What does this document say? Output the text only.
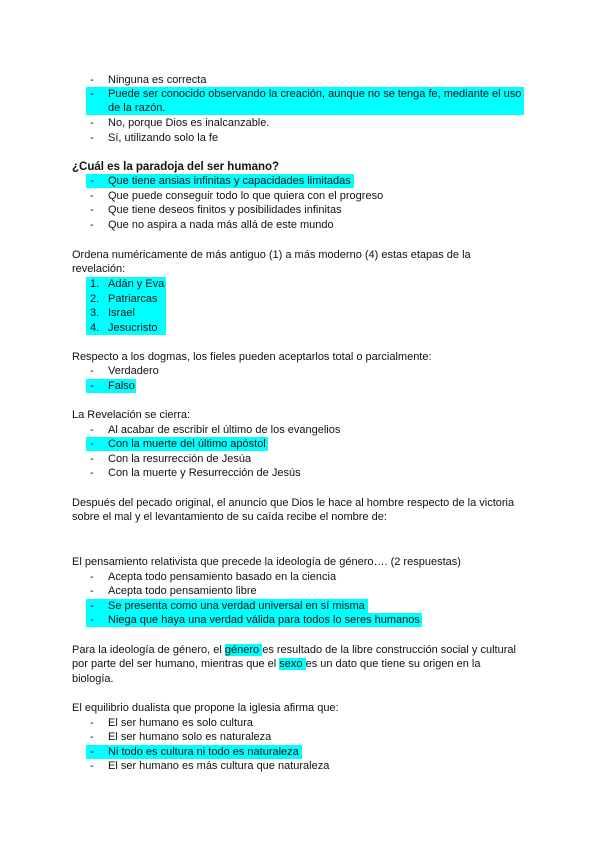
- Ninguna es correcta
- Puede ser conocido observando la creación, aunque no se tenga fe, mediante el uso
de la razón.
- No, porque Dios es inalcanzable.
- Sí, utilizando solo la fe
¿Cuál es la paradoja del ser humano?
- Que tiene ansias infinitas y capacidades limitadas
- Que puede conseguir todo lo que quiera con el progreso
- Que tiene deseos finitos y posibilidades infinitas
- Que no aspira a nada más allá de este mundo
Ordena numéricamente de más antiguo (1) a más moderno (4) estas etapas de la
revelación:
1. Adán y Eva
2. Patriarcas
3. Israel
4. Jesucristo
Respecto a los dogmas, los fieles pueden aceptarlos total o parcialmente:
- Verdadero
- Falso
La Revelación se cierra:
- Al acabar de escribir el último de los evangelios
- Con la muerte del último apóstol
- Con la resurrección de Jesúa
- Con la muerte y Resurrección de Jesús
Después del pecado original, el anuncio que Dios le hace al hombre respecto de la victoria
sobre el mal y el levantamiento de su caída recibe el nombre de:
El pensamiento relativista que precede la ideología de género…. (2 respuestas)
- Acepta todo pensamiento basado en la ciencia
- Acepta todo pensamiento libre
- Se presenta como una verdad universal en sí misma
- Niega que haya una verdad válida para todos lo seres humanos
Para la ideología de género, el género es resultado de la libre construcción social y cultural
por parte del ser humano, mientras que el sexo es un dato que tiene su origen en la
biología.
El equilibrio dualista que propone la iglesia afirma que:
- El ser humano es solo cultura
- El ser humano solo es naturaleza
- Ni todo es cultura ni todo es naturaleza
- El ser humano es más cultura que naturaleza
